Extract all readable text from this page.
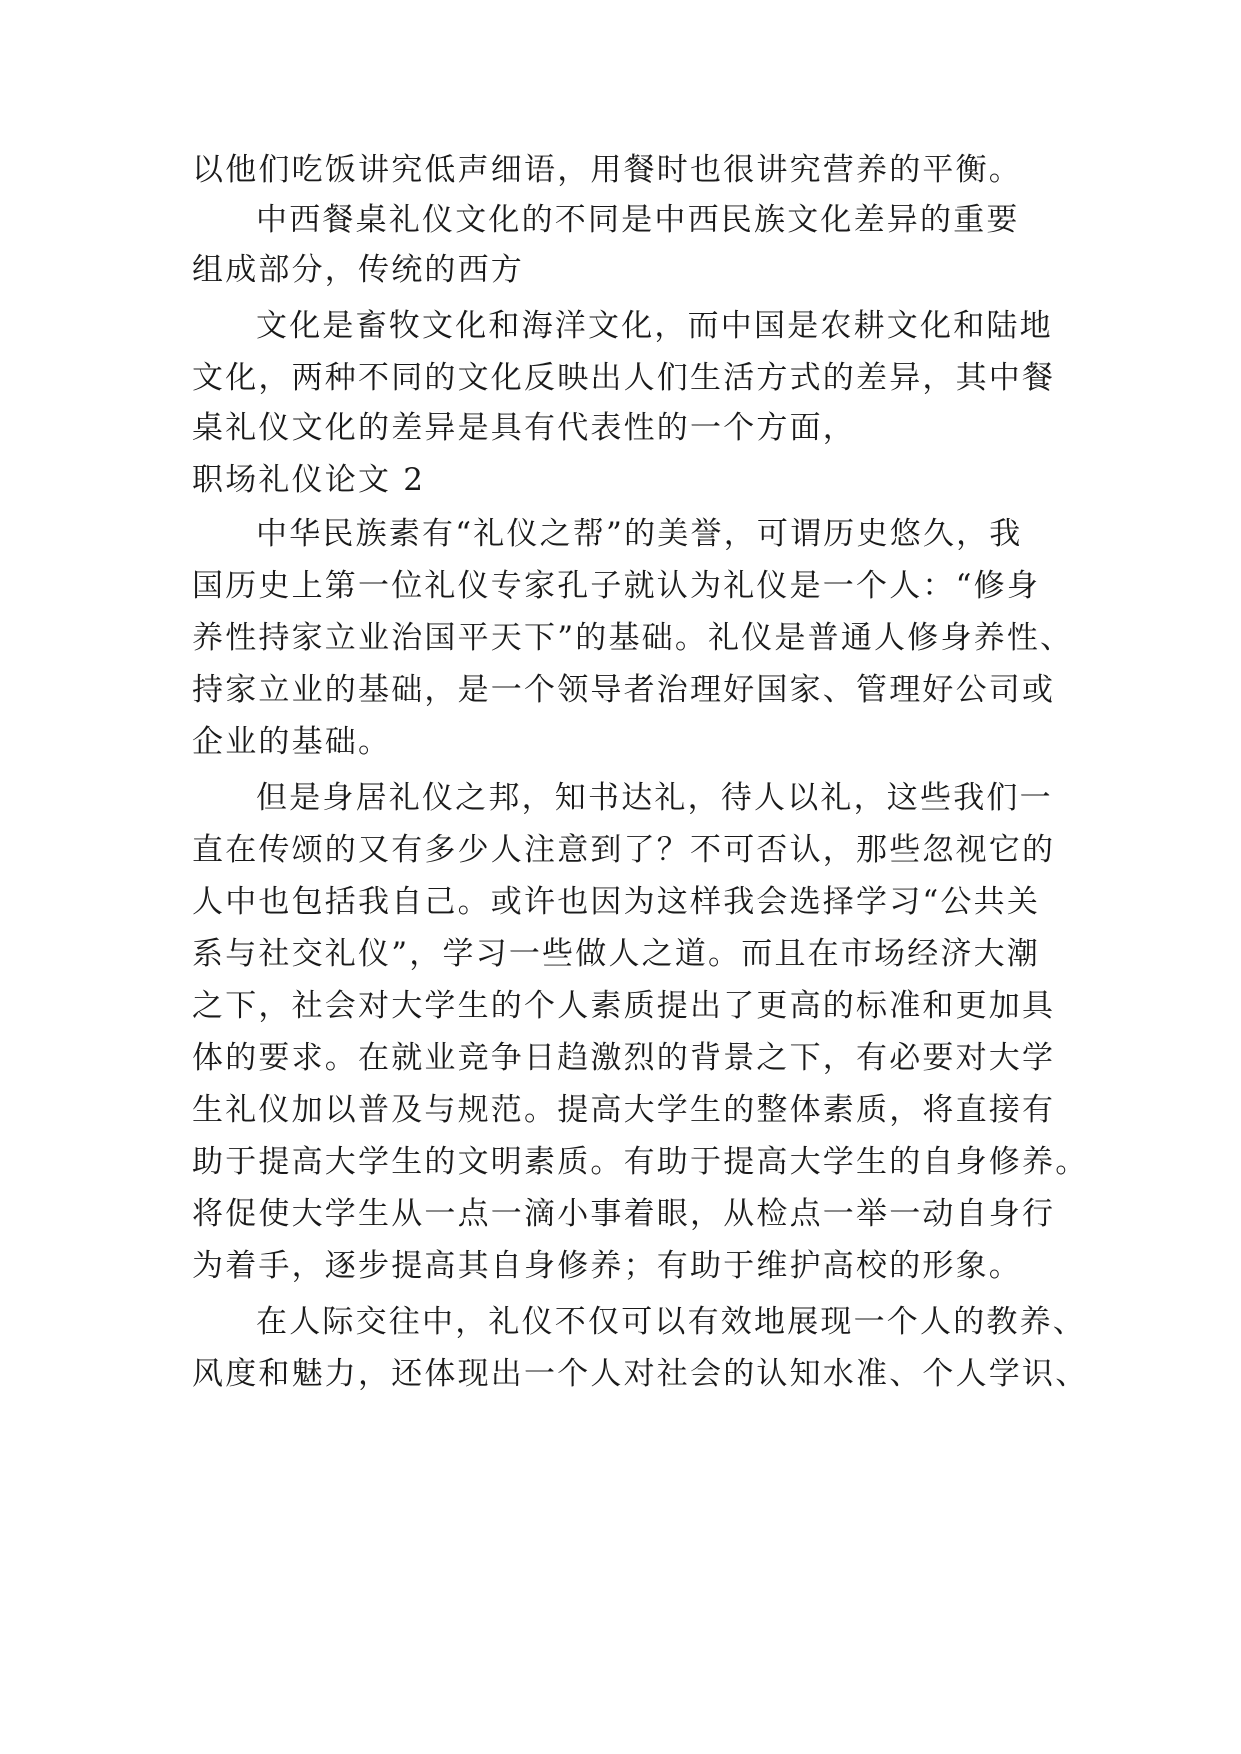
以他们吃饭讲究低声细语，用餐时也很讲究营养的平衡。
中西餐桌礼仪文化的不同是中西民族文化差异的重要
组成部分，传统的西方
文化是畜牧文化和海洋文化，而中国是农耕文化和陆地
文化，两种不同的文化反映出人们生活方式的差异，其中餐
桌礼仪文化的差异是具有代表性的一个方面，
职场礼仪论文 2
中华民族素有“礼仪之帮”的美誉，可谓历史悠久，我
国历史上第一位礼仪专家孔子就认为礼仪是一个人：“修身
养性持家立业治国平天下”的基础。礼仪是普通人修身养性、
持家立业的基础，是一个领导者治理好国家、管理好公司或
企业的基础。
但是身居礼仪之邦，知书达礼，待人以礼，这些我们一
直在传颂的又有多少人注意到了？不可否认，那些忽视它的
人中也包括我自己。或许也因为这样我会选择学习“公共关
系与社交礼仪”，学习一些做人之道。而且在市场经济大潮
之下，社会对大学生的个人素质提出了更高的标准和更加具
体的要求。在就业竞争日趋激烈的背景之下，有必要对大学
生礼仪加以普及与规范。提高大学生的整体素质，将直接有
助于提高大学生的文明素质。有助于提高大学生的自身修养。
将促使大学生从一点一滴小事着眼，从检点一举一动自身行
为着手，逐步提高其自身修养；有助于维护高校的形象。
在人际交往中，礼仪不仅可以有效地展现一个人的教养、
风度和魅力，还体现出一个人对社会的认知水准、个人学识、
